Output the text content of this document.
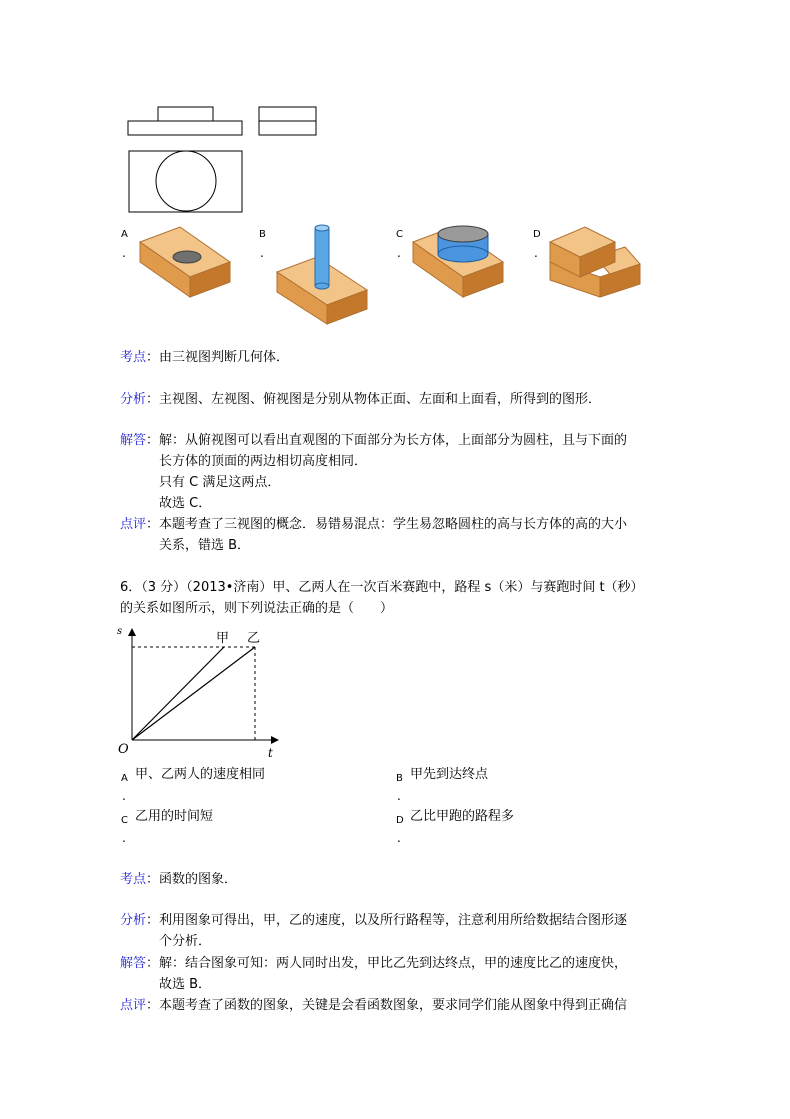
A
.
B
.
C
.
D
.
考点：由三视图判断几何体．
分析：主视图、左视图、俯视图是分别从物体正面、左面和上面看，所得到的图形．
解答：解：从俯视图可以看出直观图的下面部分为长方体，上面部分为圆柱，且与下面的
长方体的顶面的两边相切高度相同．
只有 C 满足这两点．
故选 C．
点评：本题考查了三视图的概念．易错易混点：学生易忽略圆柱的高与长方体的高的大小
关系，错选 B．
6．（3 分）（2013•济南）甲、乙两人在一次百米赛跑中，路程 s（米）与赛跑时间 t（秒）
的关系如图所示，则下列说法正确的是（　　）
s
t
O
甲 乙
A 甲、乙两人的速度相同
.
B 甲先到达终点
.
C 乙用的时间短
.
D 乙比甲跑的路程多
.
考点：函数的图象．
分析：利用图象可得出，甲，乙的速度，以及所行路程等，注意利用所给数据结合图形逐
个分析．
解答：解：结合图象可知：两人同时出发，甲比乙先到达终点，甲的速度比乙的速度快，
故选 B．
点评：本题考查了函数的图象，关键是会看函数图象，要求同学们能从图象中得到正确信
